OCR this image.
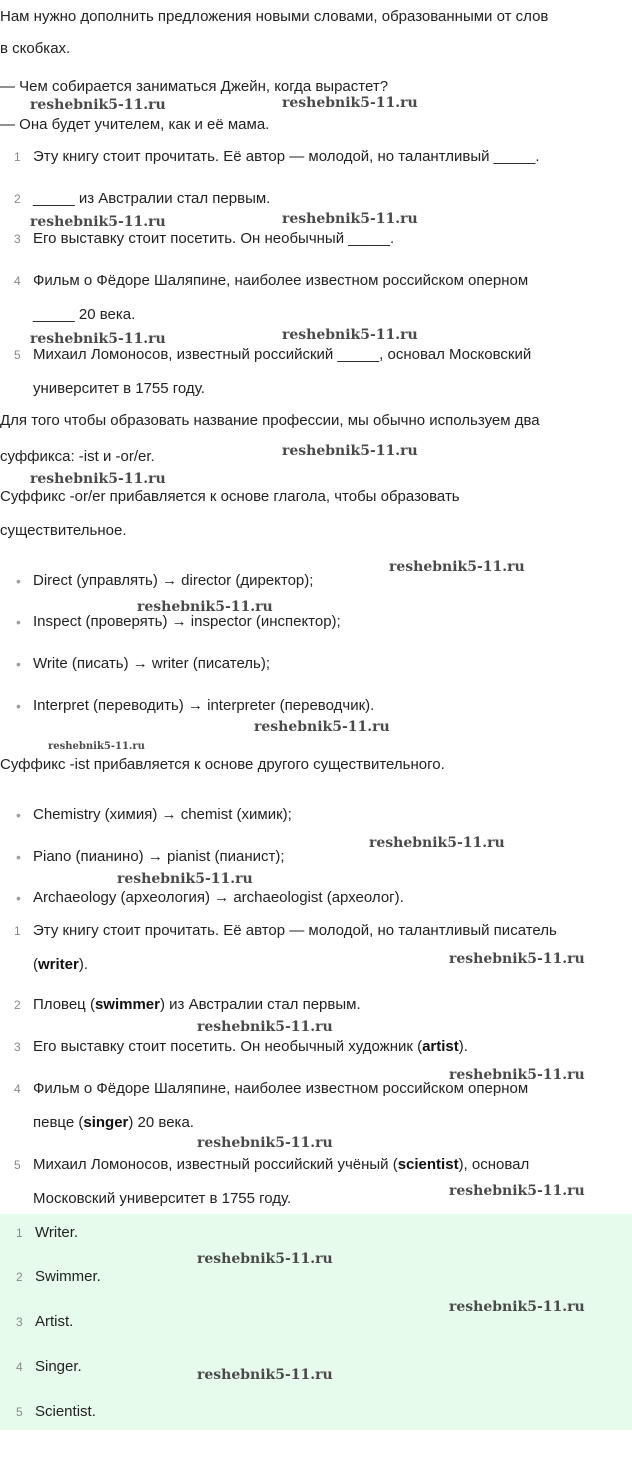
Нам нужно дополнить предложения новыми словами, образованными от слов
в скобках.
— Чем собирается заниматься Джейн, когда вырастет?
— Она будет учителем, как и её мама.
1 Эту книгу стоит прочитать. Её автор — молодой, но талантливый _____.
2 _____ из Австралии стал первым.
3 Его выставку стоит посетить. Он необычный _____.
4 Фильм о Фёдоре Шаляпине, наиболее известном российском оперном
_____ 20 века.
5 Михаил Ломоносов, известный российский _____, основал Московский
университет в 1755 году.
Для того чтобы образовать название профессии, мы обычно используем два
суффикса: -ist и -or/er.
Суффикс -or/er прибавляется к основе глагола, чтобы образовать
существительное.
• Direct (управлять) → director (директор);
• Inspect (проверять) → inspector (инспектор);
• Write (писать) → writer (писатель);
• Interpret (переводить) → interpreter (переводчик).
Суффикс -ist прибавляется к основе другого существительного.
• Chemistry (химия) → chemist (химик);
• Piano (пианино) → pianist (пианист);
• Archaeology (археология) → archaeologist (археолог).
1 Эту книгу стоит прочитать. Её автор — молодой, но талантливый писатель
(writer).
2 Пловец (swimmer) из Австралии стал первым.
3 Его выставку стоит посетить. Он необычный художник (artist).
4 Фильм о Фёдоре Шаляпине, наиболее известном российском оперном
певце (singer) 20 века.
5 Михаил Ломоносов, известный российский учёный (scientist), основал
Московский университет в 1755 году.
1 Writer.
2 Swimmer.
3 Artist.
4 Singer.
5 Scientist.
reshebnik5-11.ru	reshebnik5-11.ru
reshebnik5-11.ru	reshebnik5-11.ru
reshebnik5-11.ru	reshebnik5-11.ru
reshebnik5-11.ru
reshebnik5-11.ru
reshebnik5-11.ru
reshebnik5-11.ru
reshebnik5-11.ru
reshebnik5-11.ru
reshebnik5-11.ru
reshebnik5-11.ru
reshebnik5-11.ru
reshebnik5-11.ru
reshebnik5-11.ru
reshebnik5-11.ru
reshebnik5-11.ru
reshebnik5-11.ru
reshebnik5-11.ru
reshebnik5-11.ru
